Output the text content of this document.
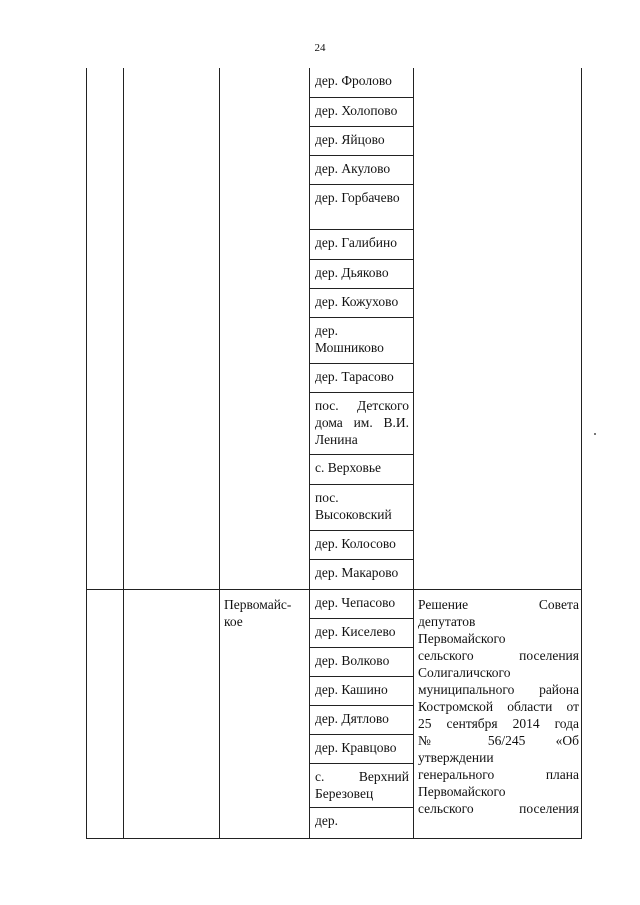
24
дер. Фролово
дер. Холопово
дер. Яйцово
дер. Акулово
дер. Горбачево
дер. Галибино
дер. Дьяково
дер. Кожухово
дер. Мошниково
дер. Тарасово
пос. Детского дома им. В.И. Ленина
с. Верховье
пос. Высоковский
дер. Колосово
дер. Макарово
Первомайс-кое
дер. Чепасово
дер. Киселево
дер. Волково
дер. Кашино
дер. Дятлово
дер. Кравцово
с. Верхний Березовец
дер.
Решение Совета
депутатов
Первомайского
сельского поселения
Солигаличского
муниципального района
Костромской области от
25 сентября 2014 года
№ 56/245 «Об
утверждении
генерального плана
Первомайского
сельского поселения
